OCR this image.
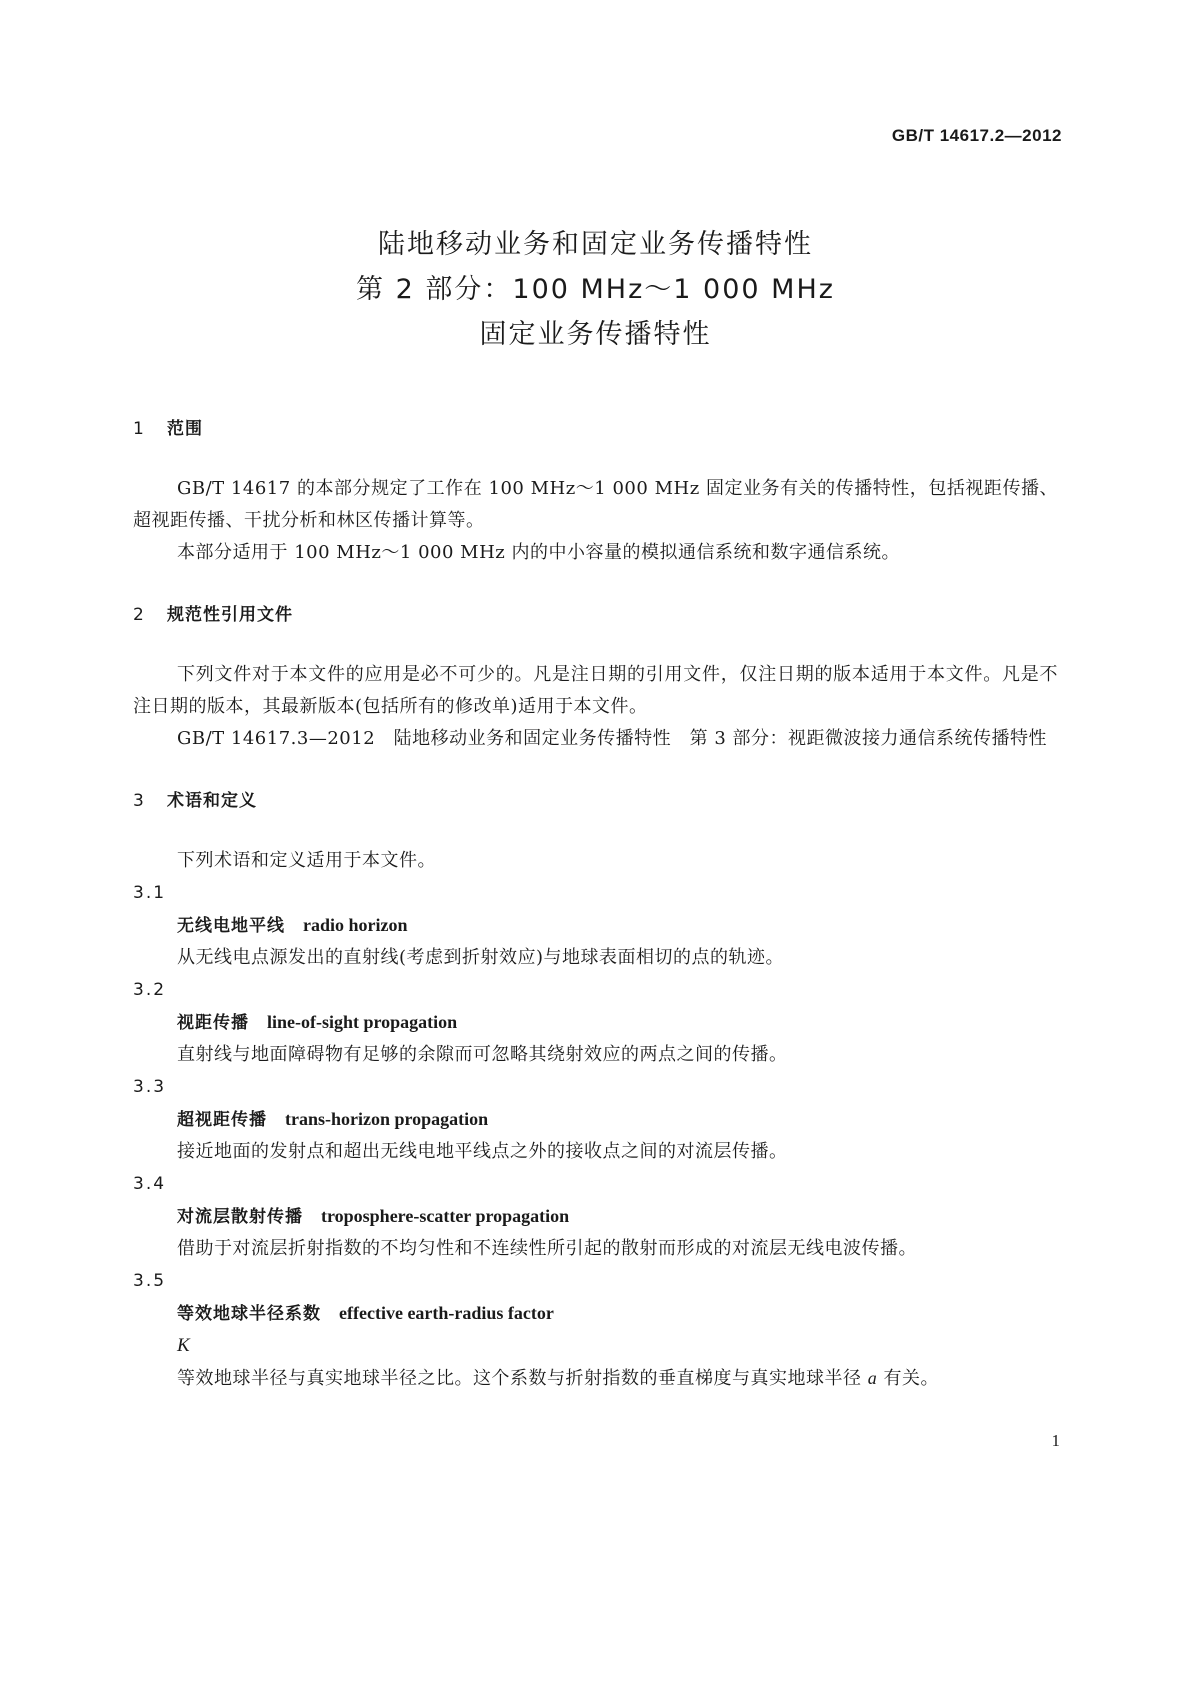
GB/T 14617.2—2012
陆地移动业务和固定业务传播特性
第 2 部分：100 MHz～1 000 MHz
固定业务传播特性
1 范围

GB/T 14617 的本部分规定了工作在 100 MHz～1 000 MHz 固定业务有关的传播特性，包括视距传播、超视距传播、干扰分析和林区传播计算等。

本部分适用于 100 MHz～1 000 MHz 内的中小容量的模拟通信系统和数字通信系统。

2 规范性引用文件

下列文件对于本文件的应用是必不可少的。凡是注日期的引用文件，仅注日期的版本适用于本文件。凡是不注日期的版本，其最新版本(包括所有的修改单)适用于本文件。

GB/T 14617.3—2012　陆地移动业务和固定业务传播特性　第 3 部分：视距微波接力通信系统传播特性

3 术语和定义

下列术语和定义适用于本文件。

3.1

无线电地平线 radio horizon

从无线电点源发出的直射线(考虑到折射效应)与地球表面相切的点的轨迹。

3.2

视距传播 line-of-sight propagation

直射线与地面障碍物有足够的余隙而可忽略其绕射效应的两点之间的传播。

3.3

超视距传播 trans-horizon propagation

接近地面的发射点和超出无线电地平线点之外的接收点之间的对流层传播。

3.4

对流层散射传播 troposphere-scatter propagation

借助于对流层折射指数的不均匀性和不连续性所引起的散射而形成的对流层无线电波传播。

3.5

等效地球半径系数 effective earth-radius factor

K

等效地球半径与真实地球半径之比。这个系数与折射指数的垂直梯度与真实地球半径 a 有关。

1
